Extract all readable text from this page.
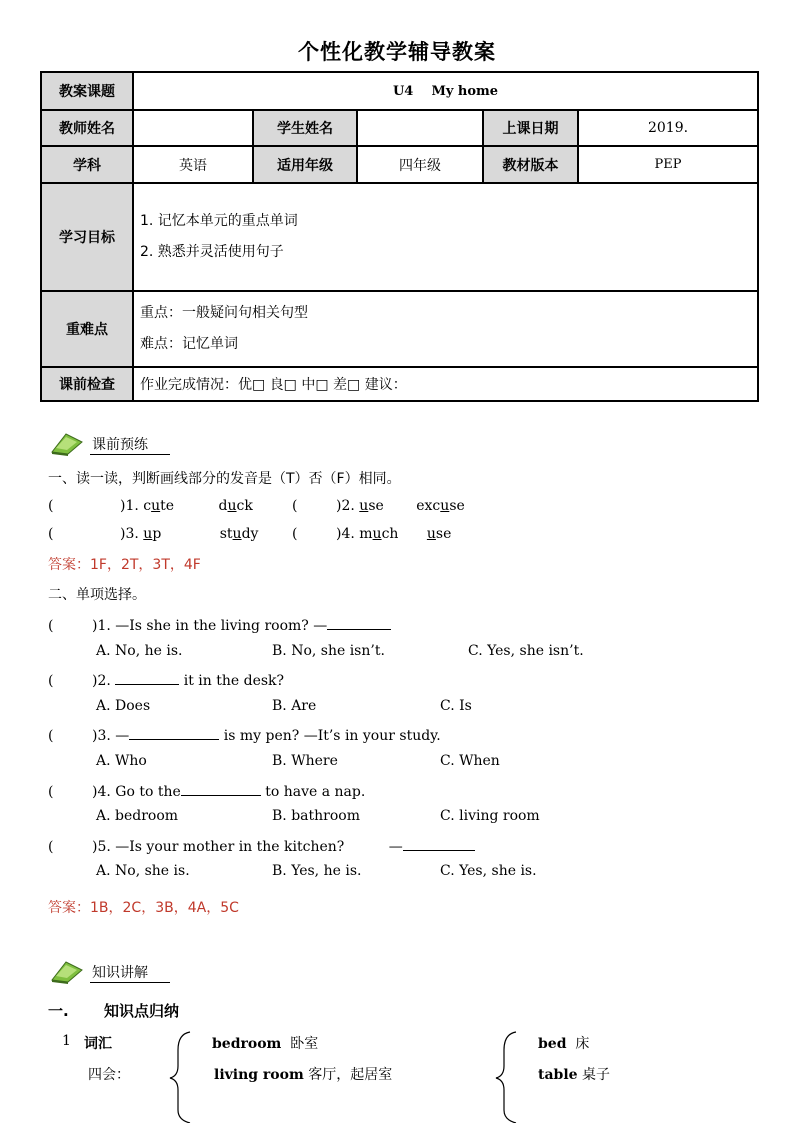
个性化教学辅导教案
教案课题	U4    My home				
教师姓名		学生姓名		上课日期	2019.
学科	英语	适用年级	四年级	教材版本	PEP
学习目标	1. 记忆本单元的重点单词
2. 熟悉并灵活使用句子				

重难点	重点：一般疑问句相关句型
难点：记忆单词				

课前检查	作业完成情况：优□ 良□ 中□ 差□ 建议：				
课前预练
一、读一读，判断画线部分的发音是（T）否（F）相同。
(	)1. cute	duck	(	)2. use excuse
(	)3. up	study (	)4. much use
答案：1F，2T，3T，4F
二、单项选择。
(	)1. —Is she in the living room? —
A. No, he is.	B. No, she isn’t.	C. Yes, she isn’t.
(	)2.	it in the desk?
A. Does	B. Are	C. Is
(	)3. —	is my pen? —It’s in your study.
A. Who	B. Where	C. When
(	)4. Go to the	to have a nap.
A. bedroom	B. bathroom	C. living room
(	)5. —Is your mother in the kitchen?          —
A. No, she is.	B. Yes, he is.	C. Yes, she is.
答案：1B，2C，3B，4A，5C
知识讲解
一. 知识点归纳
1 词汇
四会：
bedroom 卧室
living room 客厅，起居室
bed 床
table 桌子
